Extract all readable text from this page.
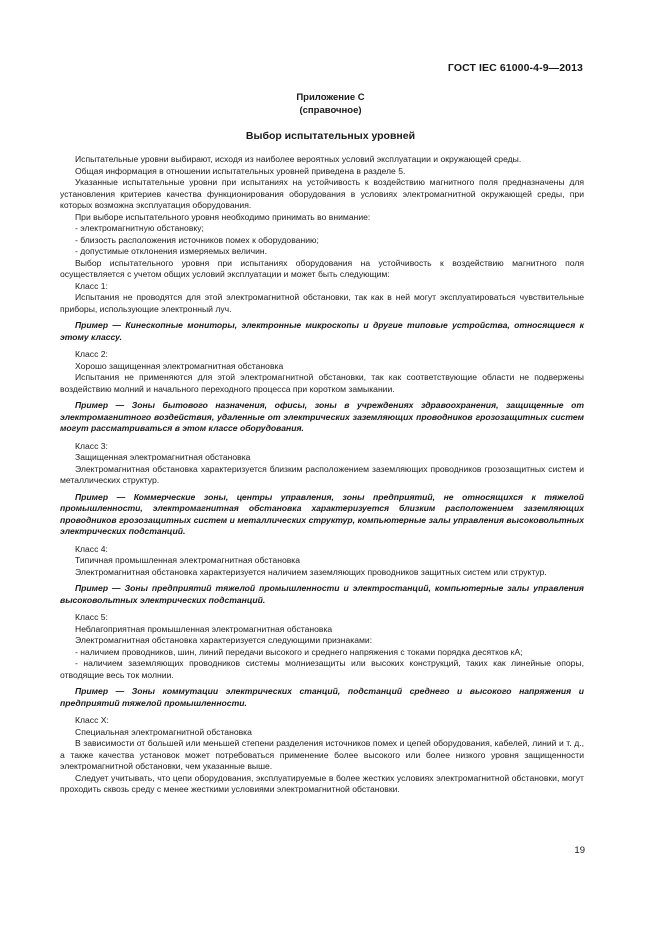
ГОСТ IEC 61000-4-9—2013
Приложение С
(справочное)
Выбор испытательных уровней

Испытательные уровни выбирают, исходя из наиболее вероятных условий эксплуатации и окружающей среды.

Общая информация в отношении испытательных уровней приведена в разделе 5.

Указанные испытательные уровни при испытаниях на устойчивость к воздействию магнитного поля предназначены для установления критериев качества функционирования оборудования в условиях электромагнитной окружающей среды, при которых возможна эксплуатация оборудования.

При выборе испытательного уровня необходимо принимать во внимание:

- электромагнитную обстановку;

- близость расположения источников помех к оборудованию;

- допустимые отклонения измеряемых величин.

Выбор испытательного уровня при испытаниях оборудования на устойчивость к воздействию магнитного поля осуществляется с учетом общих условий эксплуатации и может быть следующим:

Класс 1:

Испытания не проводятся для этой электромагнитной обстановки, так как в ней могут эксплуатироваться чувствительные приборы, использующие электронный луч.

Пример — Кинескопные мониторы, электронные микроскопы и другие типовые устройства, относящиеся к этому классу.

Класс 2:

Хорошо защищенная электромагнитная обстановка

Испытания не применяются для этой электромагнитной обстановки, так как соответствующие области не подвержены воздействию молний и начального переходного процесса при коротком замыкании.

Пример — Зоны бытового назначения, офисы, зоны в учреждениях здравоохранения, защищенные от электромагнитного воздействия, удаленные от электрических заземляющих проводников грозозащитных систем могут рассматриваться в этом классе оборудования.

Класс 3:

Защищенная электромагнитная обстановка

Электромагнитная обстановка характеризуется близким расположением заземляющих проводников грозозащитных систем и металлических структур.

Пример — Коммерческие зоны, центры управления, зоны предприятий, не относящихся к тяжелой промышленности, электромагнитная обстановка характеризуется близким расположением заземляющих проводников грозозащитных систем и металлических структур, компьютерные залы управления высоковольтных электрических подстанций.

Класс 4:

Типичная промышленная электромагнитная обстановка

Электромагнитная обстановка характеризуется наличием заземляющих проводников защитных систем или структур.

Пример — Зоны предприятий тяжелой промышленности и электростанций, компьютерные залы управления высоковольтных электрических подстанций.

Класс 5:

Неблагоприятная промышленная электромагнитная обстановка

Электромагнитная обстановка характеризуется следующими признаками:

- наличием проводников, шин, линий передачи высокого и среднего напряжения с токами порядка десятков кА;

- наличием заземляющих проводников системы молниезащиты или высоких конструкций, таких как линейные опоры, отводящие весь ток молнии.

Пример — Зоны коммутации электрических станций, подстанций среднего и высокого напряжения и предприятий тяжелой промышленности.

Класс X:

Специальная электромагнитной обстановка

В зависимости от большей или меньшей степени разделения источников помех и цепей оборудования, кабелей, линий и т. д., а также качества установок может потребоваться применение более высокого или более низкого уровня защищенности электромагнитной обстановки, чем указанные выше.

Следует учитывать, что цепи оборудования, эксплуатируемые в более жестких условиях электромагнитной обстановки, могут проходить сквозь среду с менее жесткими условиями электромагнитной обстановки.

19
